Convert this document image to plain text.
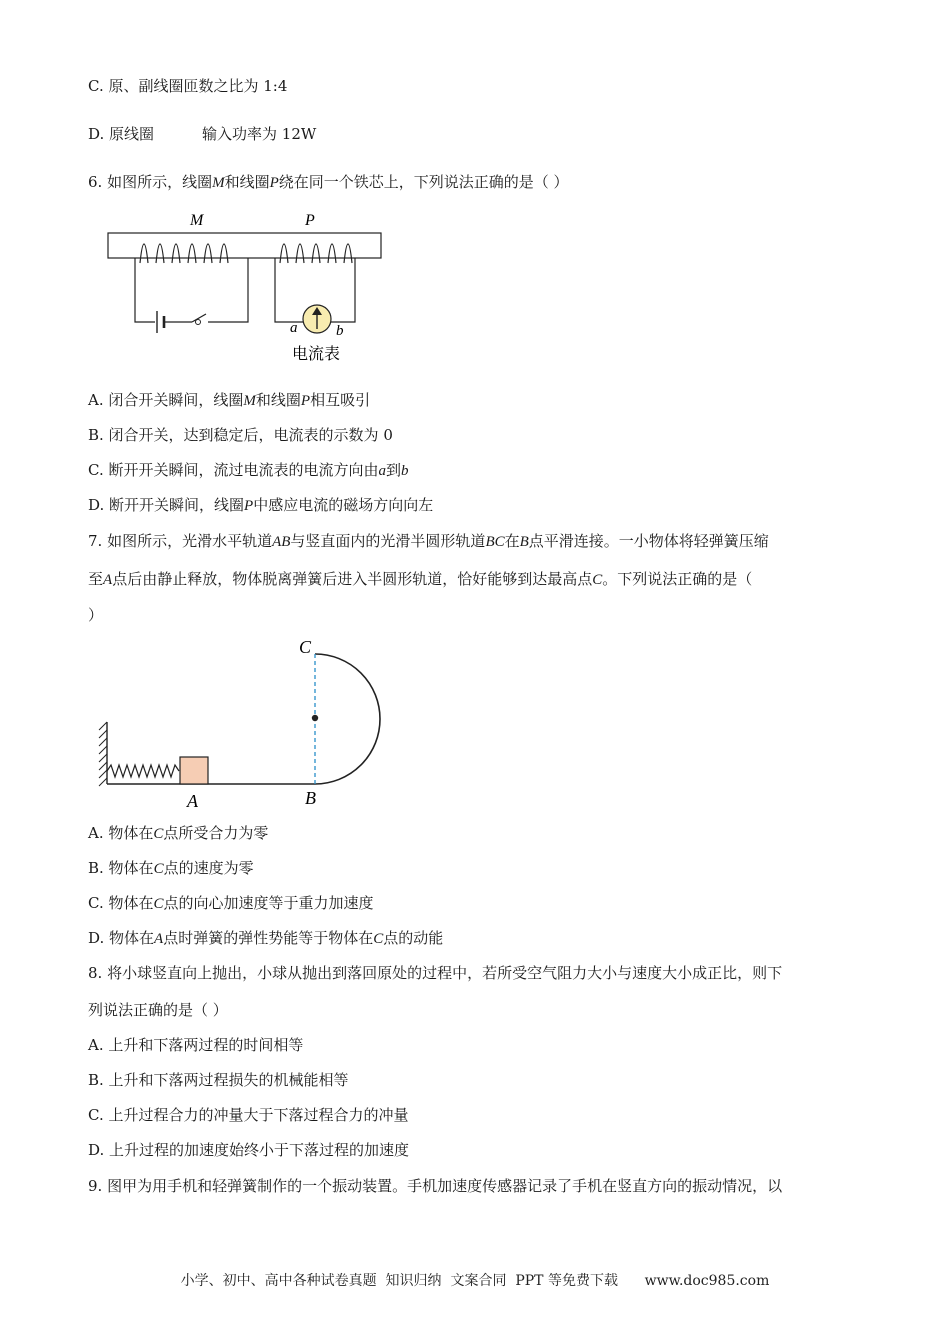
C. 原、副线圈匝数之比为 1:4
D. 原线圈	输入功率为 12W
6. 如图所示，线圈M和线圈P绕在同一个铁芯上，下列说法正确的是（ ）
M	P
a	b
电流表
A. 闭合开关瞬间，线圈M和线圈P相互吸引
B. 闭合开关，达到稳定后，电流表的示数为 0
C. 断开开关瞬间，流过电流表的电流方向由a到b
D. 断开开关瞬间，线圈P中感应电流的磁场方向向左
7. 如图所示，光滑水平轨道AB与竖直面内的光滑半圆形轨道BC在B点平滑连接。一小物体将轻弹簧压缩
至A点后由静止释放，物体脱离弹簧后进入半圆形轨道，恰好能够到达最高点C。下列说法正确的是（
）
C
A	B
A. 物体在C点所受合力为零
B. 物体在C点的速度为零
C. 物体在C点的向心加速度等于重力加速度
D. 物体在A点时弹簧的弹性势能等于物体在C点的动能
8. 将小球竖直向上抛出，小球从抛出到落回原处的过程中，若所受空气阻力大小与速度大小成正比，则下
列说法正确的是（ ）
A. 上升和下落两过程的时间相等
B. 上升和下落两过程损失的机械能相等
C. 上升过程合力的冲量大于下落过程合力的冲量
D. 上升过程的加速度始终小于下落过程的加速度
9. 图甲为用手机和轻弹簧制作的一个振动装置。手机加速度传感器记录了手机在竖直方向的振动情况，以
小学、初中、高中各种试卷真题  知识归纳  文案合同  PPT 等免费下载      www.doc985.com
